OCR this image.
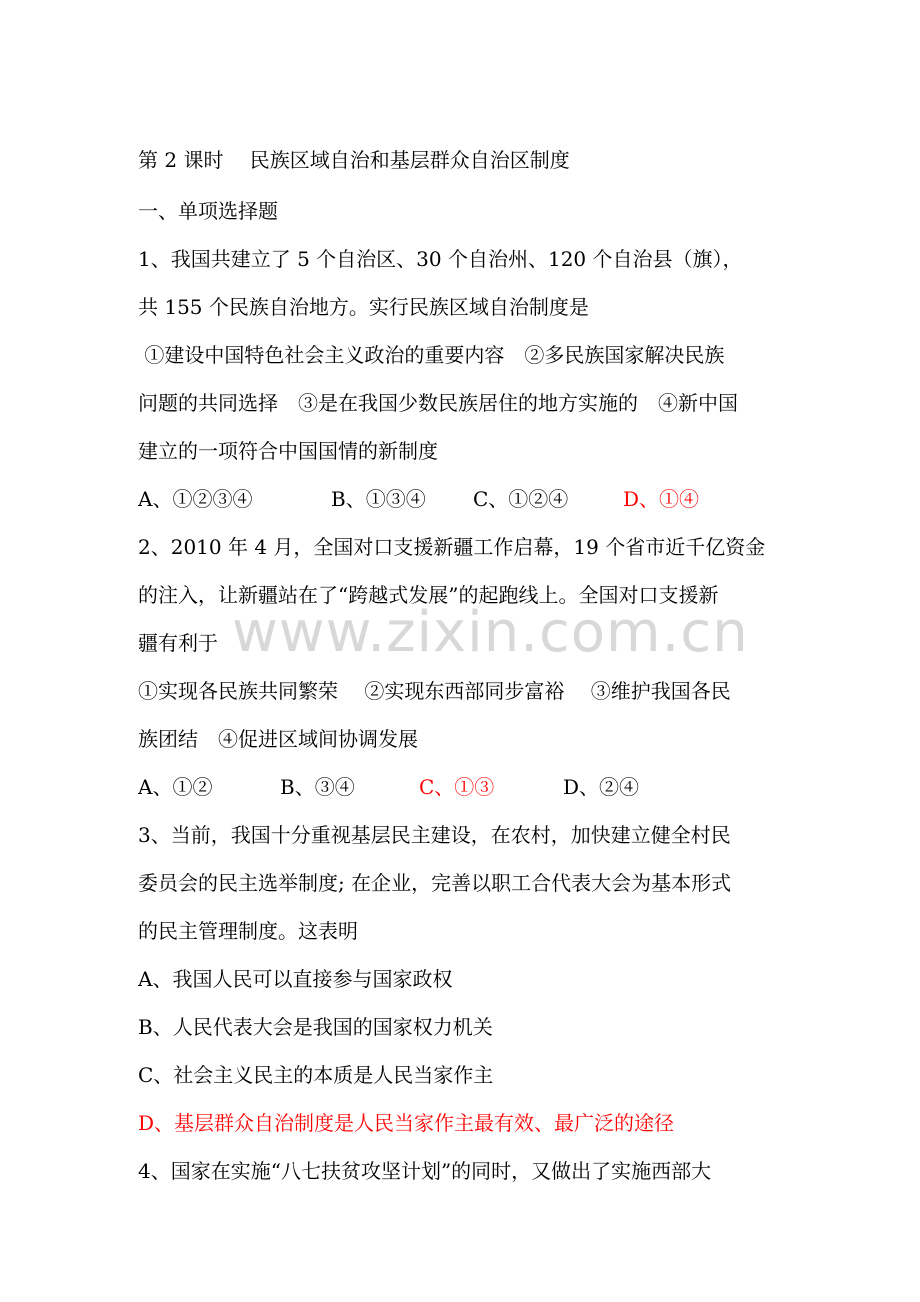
www.zixin.com.cn
第 2 课时　 民族区域自治和基层群众自治区制度
一、单项选择题
1、我国共建立了 5 个自治区、30 个自治州、120 个自治县（旗），
共 155 个民族自治地方。实行民族区域自治制度是
①建设中国特色社会主义政治的重要内容　②多民族国家解决民族
问题的共同选择　③是在我国少数民族居住的地方实施的　④新中国
建立的一项符合中国国情的新制度
A、①②③④	B、①③④ C、①②④	D、①④
2、2010 年 4 月，全国对口支援新疆工作启幕，19 个省市近千亿资金
的注入，让新疆站在了“跨越式发展”的起跑线上。全国对口支援新
疆有利于
①实现各民族共同繁荣　 ②实现东西部同步富裕　 ③维护我国各民
族团结　④促进区域间协调发展
A、①②	B、③④	C、①③	D、②④
3、当前，我国十分重视基层民主建设，在农村，加快建立健全村民
委员会的民主选举制度; 在企业，完善以职工合代表大会为基本形式
的民主管理制度。这表明
A、我国人民可以直接参与国家政权
B、人民代表大会是我国的国家权力机关
C、社会主义民主的本质是人民当家作主
D、基层群众自治制度是人民当家作主最有效、最广泛的途径
4、国家在实施“八七扶贫攻坚计划”的同时，又做出了实施西部大
